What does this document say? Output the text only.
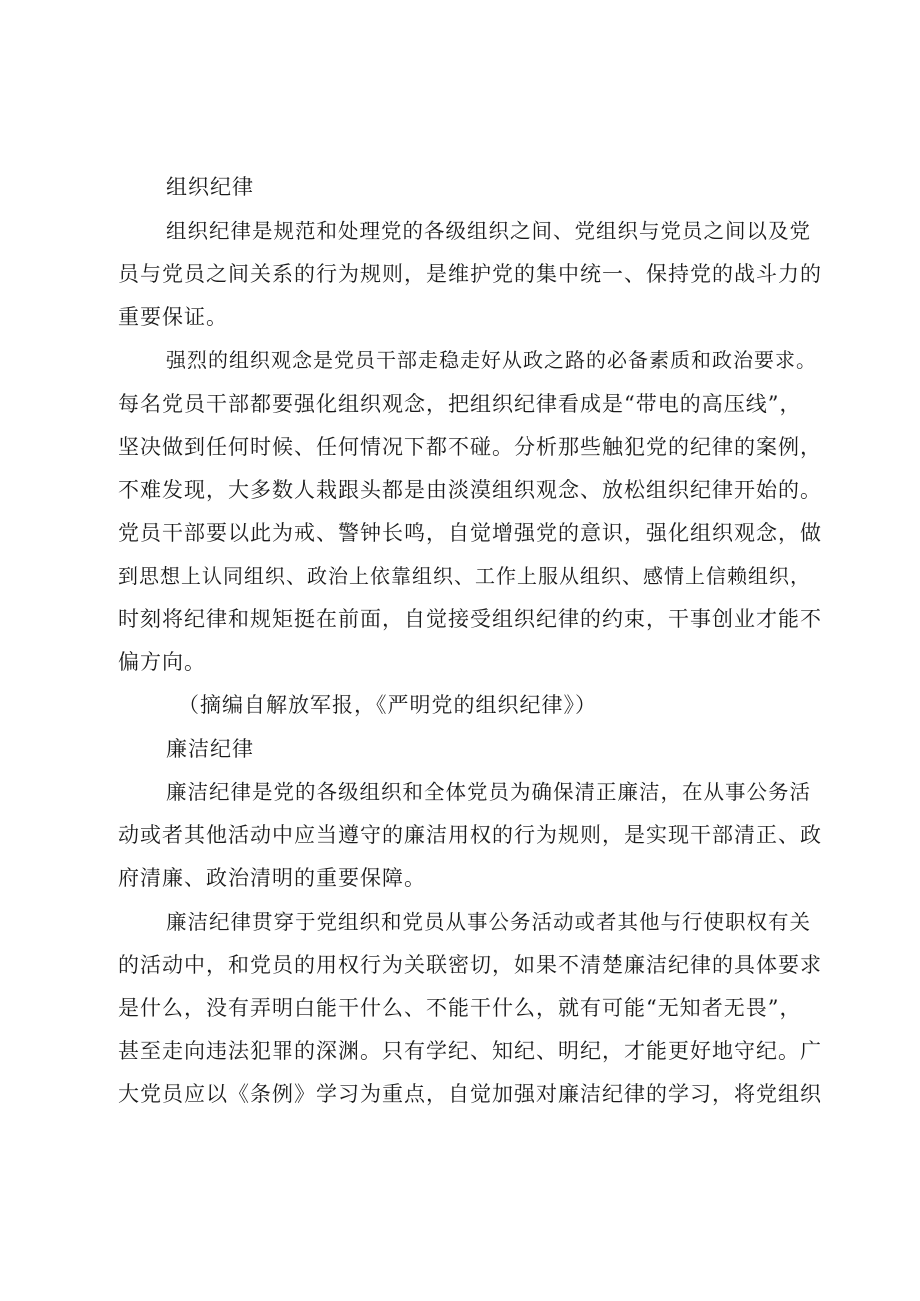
组织纪律
组织纪律是规范和处理党的各级组织之间、党组织与党员之间以及党
员与党员之间关系的行为规则，是维护党的集中统一、保持党的战斗力的
重要保证。
强烈的组织观念是党员干部走稳走好从政之路的必备素质和政治要求。
每名党员干部都要强化组织观念，把组织纪律看成是“带电的高压线”，
坚决做到任何时候、任何情况下都不碰。分析那些触犯党的纪律的案例，
不难发现，大多数人栽跟头都是由淡漠组织观念、放松组织纪律开始的。
党员干部要以此为戒、警钟长鸣，自觉增强党的意识，强化组织观念，做
到思想上认同组织、政治上依靠组织、工作上服从组织、感情上信赖组织，
时刻将纪律和规矩挺在前面，自觉接受组织纪律的约束，干事创业才能不
偏方向。
（摘编自解放军报，《严明党的组织纪律》）
廉洁纪律
廉洁纪律是党的各级组织和全体党员为确保清正廉洁，在从事公务活
动或者其他活动中应当遵守的廉洁用权的行为规则，是实现干部清正、政
府清廉、政治清明的重要保障。
廉洁纪律贯穿于党组织和党员从事公务活动或者其他与行使职权有关
的活动中，和党员的用权行为关联密切，如果不清楚廉洁纪律的具体要求
是什么，没有弄明白能干什么、不能干什么，就有可能“无知者无畏”，
甚至走向违法犯罪的深渊。只有学纪、知纪、明纪，才能更好地守纪。广
大党员应以《条例》学习为重点，自觉加强对廉洁纪律的学习，将党组织
